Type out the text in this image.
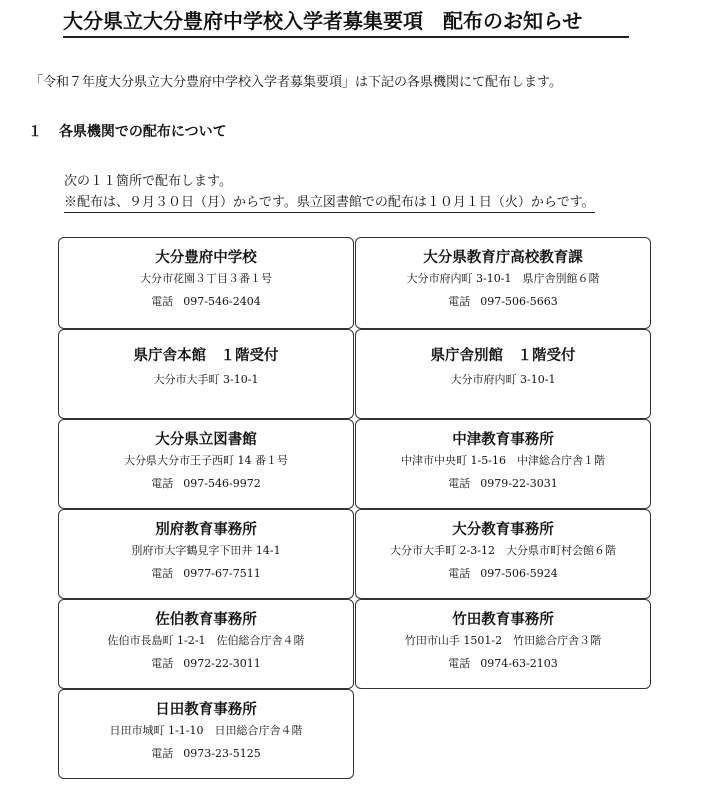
大分県立大分豊府中学校入学者募集要項　配布のお知らせ
「令和７年度大分県立大分豊府中学校入学者募集要項」は下記の各県機関にて配布します。
１ 各県機関での配布について
次の１１箇所で配布します。
※配布は、９月３０日（月）からです。県立図書館での配布は１０月１日（火）からです。
大分豊府中学校
大分市花園３丁目３番１号
電話 097-546-2404
大分県教育庁高校教育課
大分市府内町 3-10-1　県庁舎別館６階
電話 097-506-5663
県庁舎本館　１階受付
大分市大手町 3-10-1
県庁舎別館　１階受付
大分市府内町 3-10-1
大分県立図書館
大分県大分市王子西町 14 番１号
電話 097-546-9972
中津教育事務所
中津市中央町 1-5-16　中津総合庁舎１階
電話 0979-22-3031
別府教育事務所
別府市大字鶴見字下田井 14-1
電話 0977-67-7511
大分教育事務所
大分市大手町 2-3-12　大分県市町村会館６階
電話 097-506-5924
佐伯教育事務所
佐伯市長島町 1-2-1　佐伯総合庁舎４階
電話 0972-22-3011
竹田教育事務所
竹田市山手 1501-2　竹田総合庁舎３階
電話 0974-63-2103
日田教育事務所
日田市城町 1-1-10　日田総合庁舎４階
電話 0973-23-5125
